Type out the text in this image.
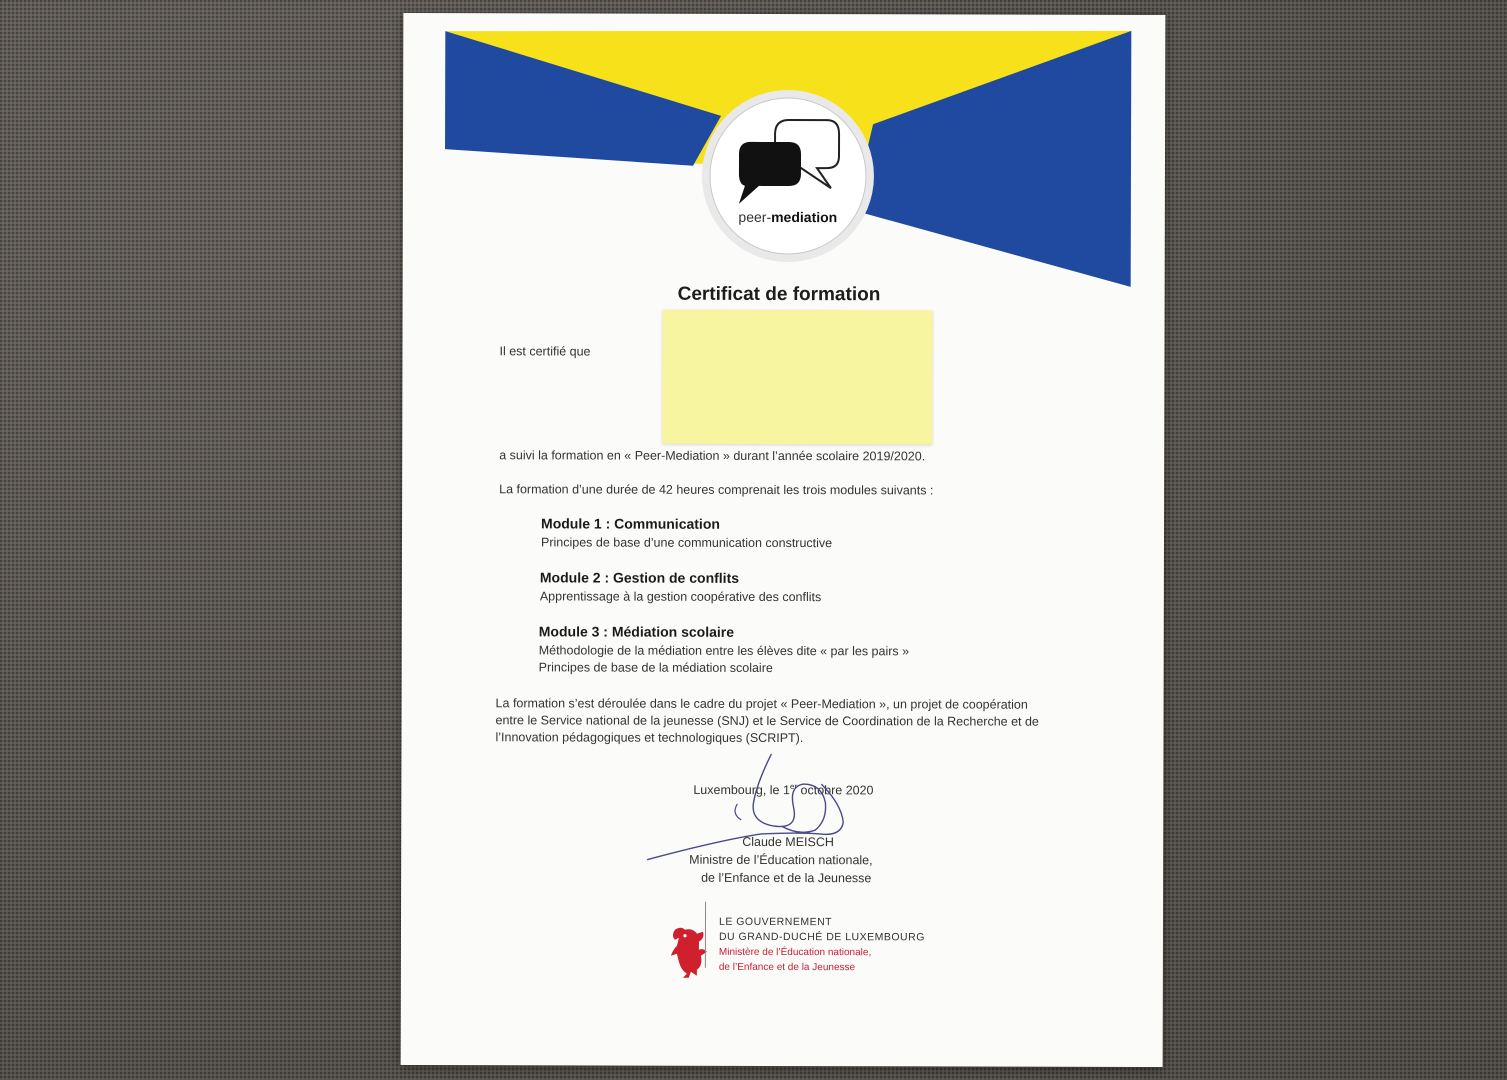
peer-mediation
Certificat de formation
Il est certifié que
a suivi la formation en « Peer-Mediation » durant l’année scolaire 2019/2020.
La formation d’une durée de 42 heures comprenait les trois modules suivants :
Module 1 : Communication
Principes de base d’une communication constructive
Module 2 : Gestion de conflits
Apprentissage à la gestion coopérative des conflits
Module 3 : Médiation scolaire
Méthodologie de la médiation entre les élèves dite « par les pairs »
Principes de base de la médiation scolaire
La formation s’est déroulée dans le cadre du projet « Peer-Mediation », un projet de coopération
entre le Service national de la jeunesse (SNJ) et le Service de Coordination de la Recherche et de
l’Innovation pédagogiques et technologiques (SCRIPT).
Luxembourg, le 1er octobre 2020
Claude MEISCH
Ministre de l’Éducation nationale,
de l’Enfance et de la Jeunesse
LE GOUVERNEMENT
DU GRAND-DUCHÉ DE LUXEMBOURG
Ministère de l’Éducation nationale,
de l’Enfance et de la Jeunesse
